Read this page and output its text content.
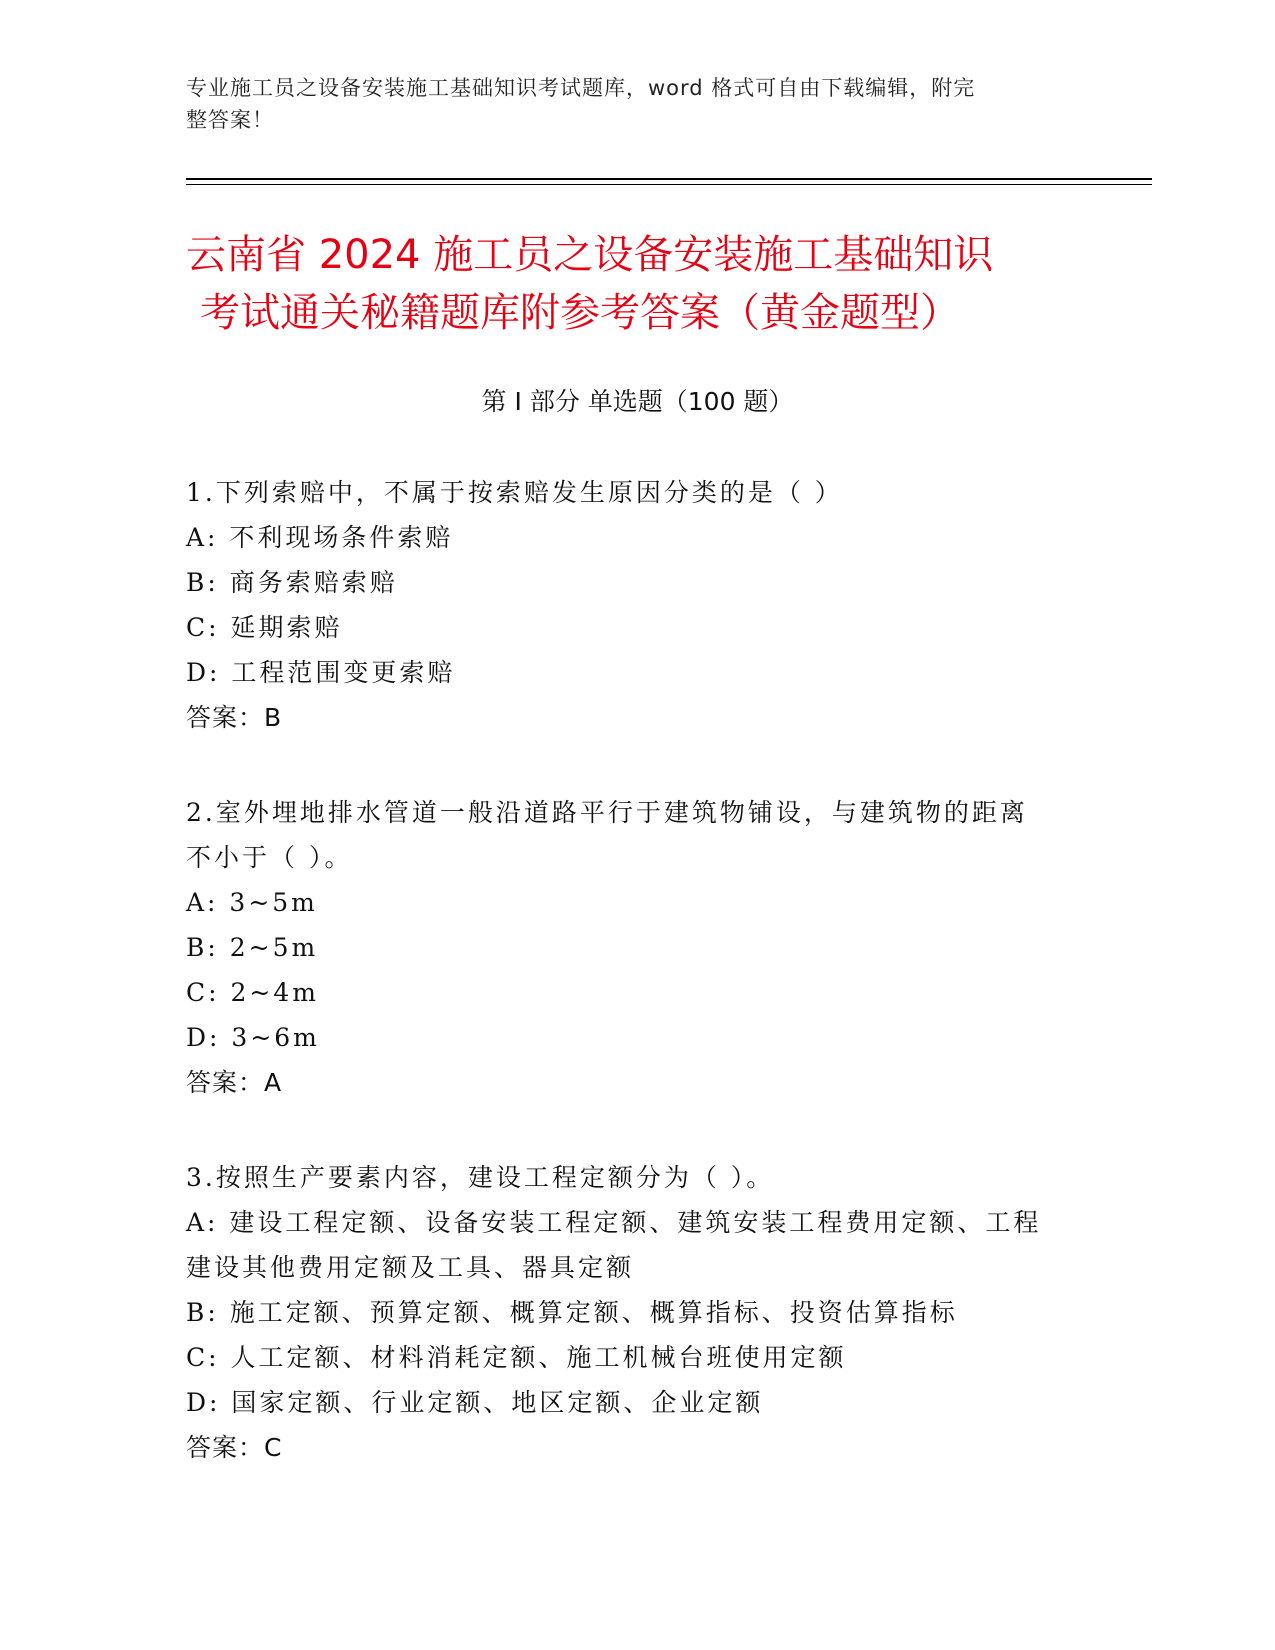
专业施工员之设备安装施工基础知识考试题库，word 格式可自由下载编辑，附完
整答案！
云南省 2024 施工员之设备安装施工基础知识
考试通关秘籍题库附参考答案（黄金题型）
第 I 部分 单选题（100 题）
1.下列索赔中，不属于按索赔发生原因分类的是（ ）
A: 不利现场条件索赔
B: 商务索赔索赔
C: 延期索赔
D: 工程范围变更索赔
答案：B
2.室外埋地排水管道一般沿道路平行于建筑物铺设，与建筑物的距离
不小于（ ）。
A: 3~5m
B: 2~5m
C: 2~4m
D: 3~6m
答案：A
3.按照生产要素内容，建设工程定额分为（ ）。
A: 建设工程定额、设备安装工程定额、建筑安装工程费用定额、工程
建设其他费用定额及工具、器具定额
B: 施工定额、预算定额、概算定额、概算指标、投资估算指标
C: 人工定额、材料消耗定额、施工机械台班使用定额
D: 国家定额、行业定额、地区定额、企业定额
答案：C
